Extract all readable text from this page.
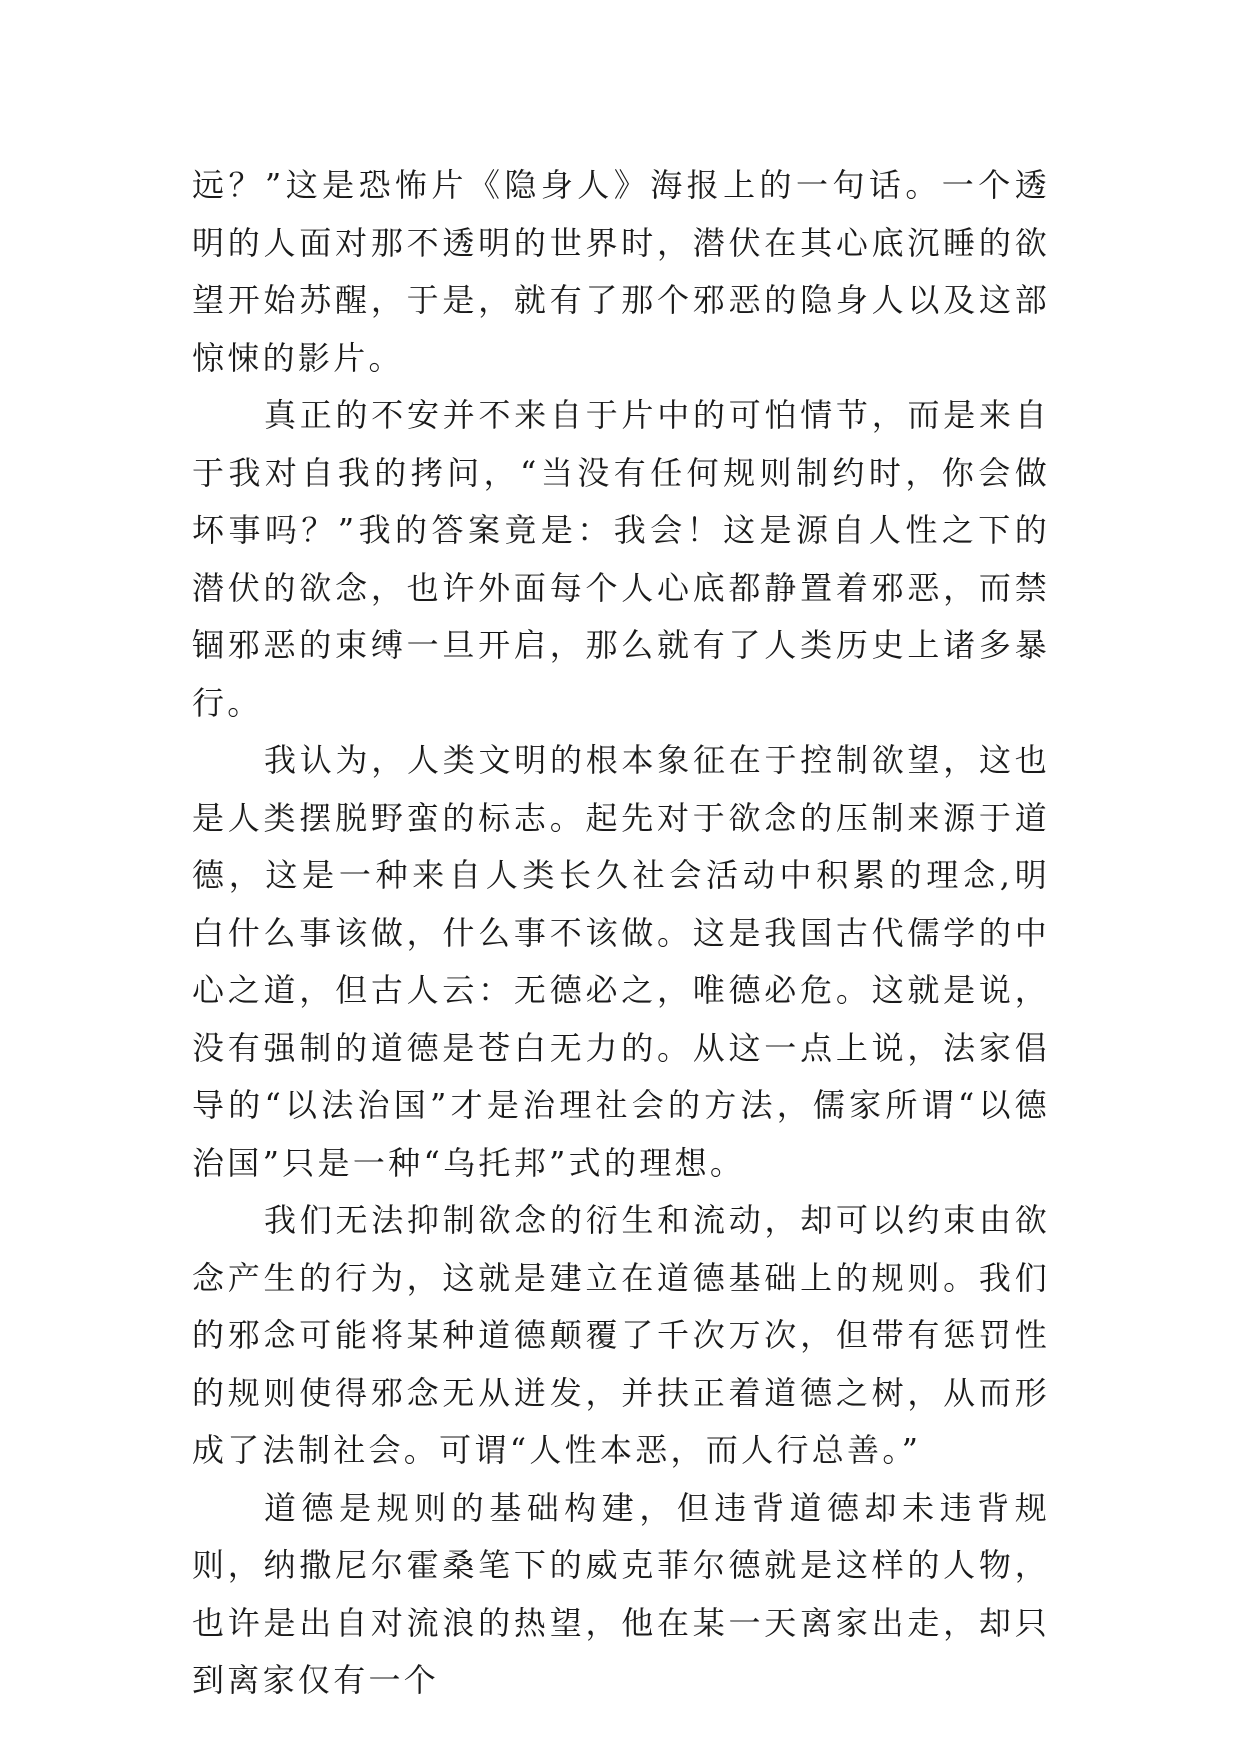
远？”这是恐怖片《隐身人》海报上的一句话。一个透明的人面对那不透明的世界时，潜伏在其心底沉睡的欲望开始苏醒，于是，就有了那个邪恶的隐身人以及这部惊悚的影片。

真正的不安并不来自于片中的可怕情节，而是来自于我对自我的拷问，“当没有任何规则制约时，你会做坏事吗？”我的答案竟是：我会！这是源自人性之下的潜伏的欲念，也许外面每个人心底都静置着邪恶，而禁锢邪恶的束缚一旦开启，那么就有了人类历史上诸多暴行。

我认为，人类文明的根本象征在于控制欲望，这也是人类摆脱野蛮的标志。起先对于欲念的压制来源于道德，这是一种来自人类长久社会活动中积累的理念,明白什么事该做，什么事不该做。这是我国古代儒学的中心之道，但古人云：无德必之，唯德必危。这就是说，没有强制的道德是苍白无力的。从这一点上说，法家倡导的“以法治国”才是治理社会的方法，儒家所谓“以德治国”只是一种“乌托邦”式的理想。

我们无法抑制欲念的衍生和流动，却可以约束由欲念产生的行为，这就是建立在道德基础上的规则。我们的邪念可能将某种道德颠覆了千次万次，但带有惩罚性的规则使得邪念无从迸发，并扶正着道德之树，从而形成了法制社会。可谓“人性本恶，而人行总善。”

道德是规则的基础构建，但违背道德却未违背规则，纳撒尼尔霍桑笔下的威克菲尔德就是这样的人物，也许是出自对流浪的热望，他在某一天离家出走，却只到离家仅有一个
